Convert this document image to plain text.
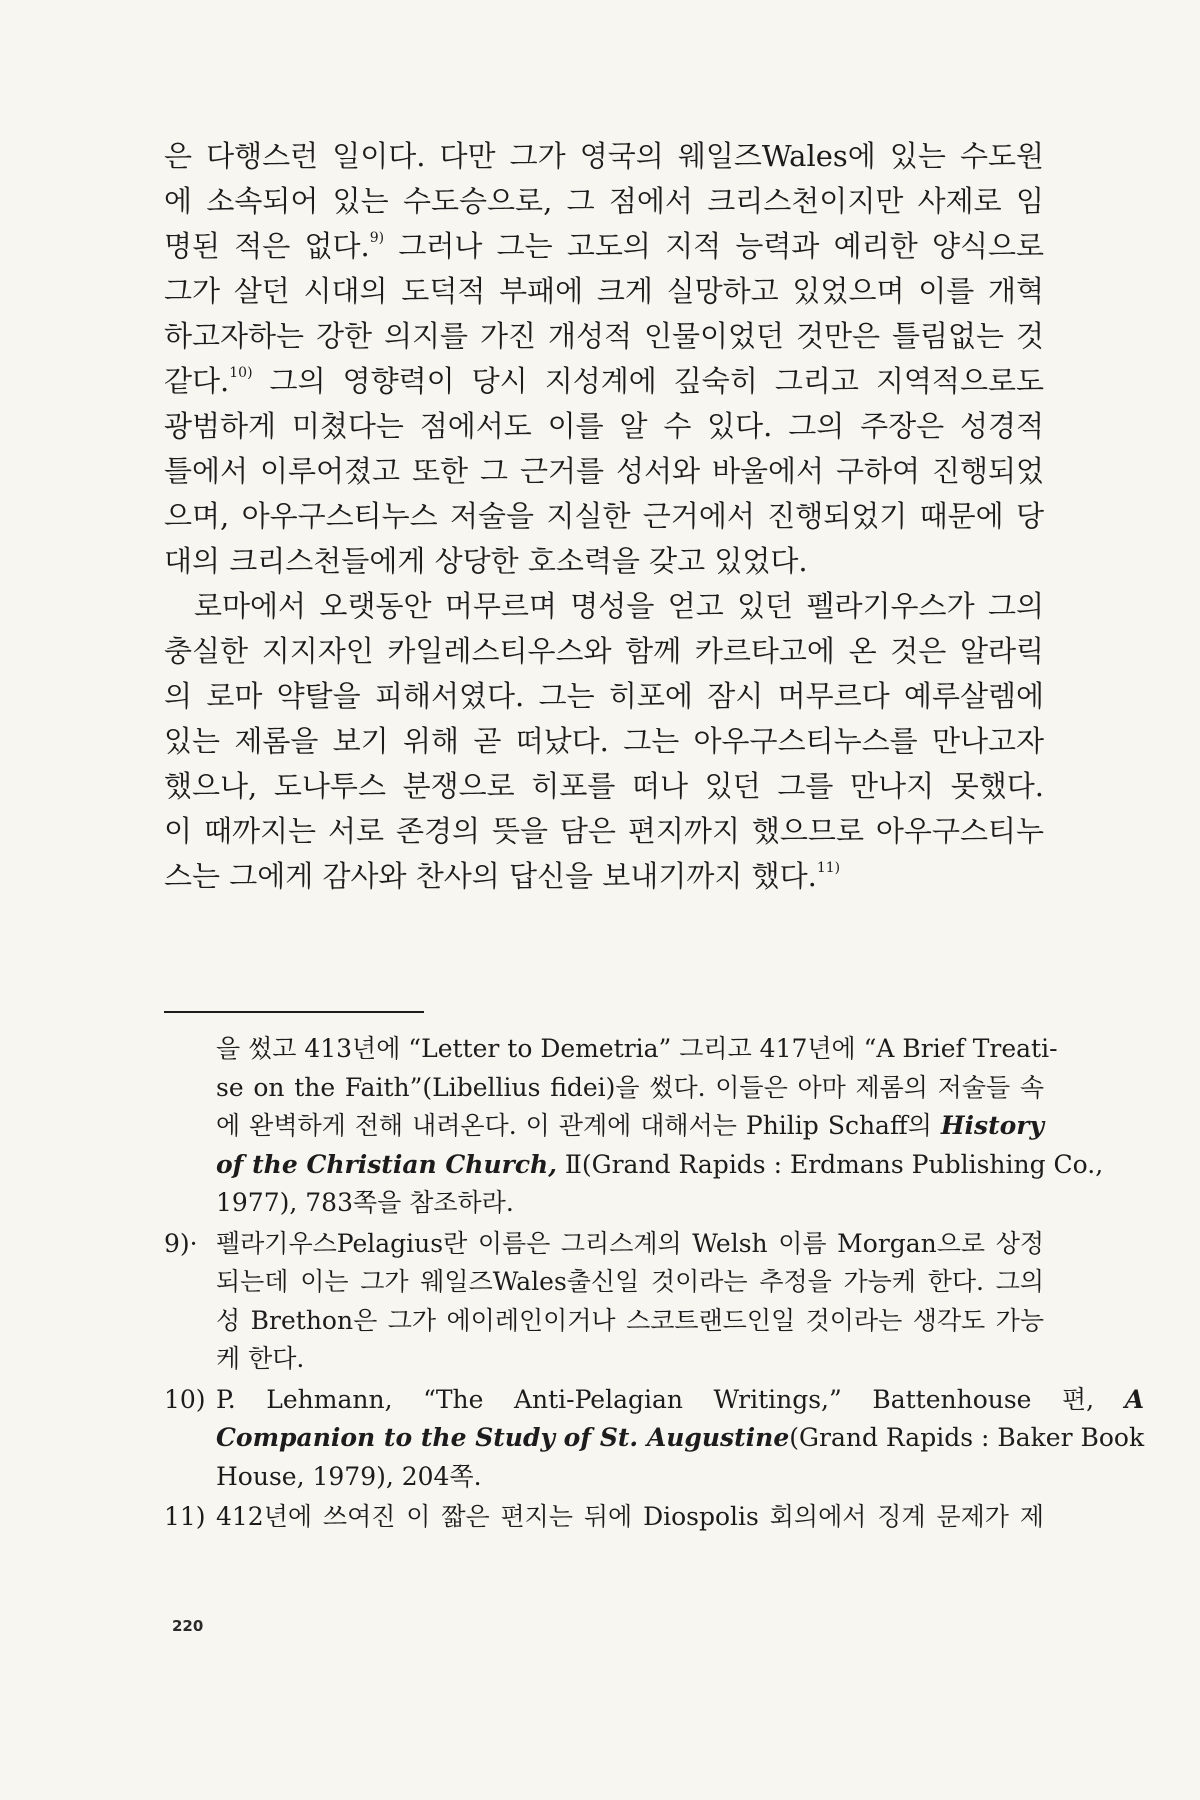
은 다행스런 일이다. 다만 그가 영국의 웨일즈Wales에 있는 수도원
에 소속되어 있는 수도승으로, 그 점에서 크리스천이지만 사제로 임
명된 적은 없다.$^{9)}$ 그러나 그는 고도의 지적 능력과 예리한 양식으로
그가 살던 시대의 도덕적 부패에 크게 실망하고 있었으며 이를 개혁
하고자하는 강한 의지를 가진 개성적 인물이었던 것만은 틀림없는 것
같다.$^{10)}$ 그의 영향력이 당시 지성계에 깊숙히 그리고 지역적으로도
광범하게 미쳤다는 점에서도 이를 알 수 있다. 그의 주장은 성경적
틀에서 이루어졌고 또한 그 근거를 성서와 바울에서 구하여 진행되었
으며, 아우구스티누스 저술을 지실한 근거에서 진행되었기 때문에 당
대의 크리스천들에게 상당한 호소력을 갖고 있었다.
로마에서 오랫동안 머무르며 명성을 얻고 있던 펠라기우스가 그의
충실한 지지자인 카일레스티우스와 함께 카르타고에 온 것은 알라릭
의 로마 약탈을 피해서였다. 그는 히포에 잠시 머무르다 예루살렘에
있는 제롬을 보기 위해 곧 떠났다. 그는 아우구스티누스를 만나고자
했으나, 도나투스 분쟁으로 히포를 떠나 있던 그를 만나지 못했다.
이 때까지는 서로 존경의 뜻을 담은 편지까지 했으므로 아우구스티누
스는 그에게 감사와 찬사의 답신을 보내기까지 했다.$^{11)}$
을 썼고 413년에 “Letter to Demetria” 그리고 417년에 “A Brief Treati-
se on the Faith”(Libellius fidei)을 썼다. 이들은 아마 제롬의 저술들 속
에 완벽하게 전해 내려온다. 이 관계에 대해서는 Philip Schaff의 History
of the Christian Church, Ⅱ(Grand Rapids : Erdmans Publishing Co.,
1977), 783쪽을 참조하라.
9)· 펠라기우스Pelagius란 이름은 그리스계의 Welsh 이름 Morgan으로 상정
되는데 이는 그가 웨일즈Wales출신일 것이라는 추정을 가능케 한다. 그의
성 Brethon은 그가 에이레인이거나 스코트랜드인일 것이라는 생각도 가능
케 한다.
10) P. Lehmann, “The Anti-Pelagian Writings,” Battenhouse 편, A
Companion to the Study of St. Augustine(Grand Rapids : Baker Book
House, 1979), 204쪽.
11) 412년에 쓰여진 이 짧은 편지는 뒤에 Diospolis 회의에서 징계 문제가 제
220
